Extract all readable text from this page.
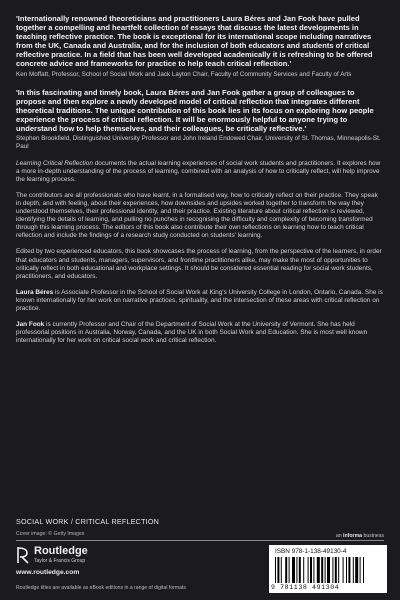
'Internationally renowned theoreticians and practitioners Laura Béres and Jan Fook have pulled together a compelling and heartfelt collection of essays that discuss the latest developments in teaching reflective practice. The book is exceptional for its international scope including narratives from the UK, Canada and Australia, and for the inclusion of both educators and students of critical reflective practice. In a field that has been well developed academically it is refreshing to be offered concrete advice and frameworks for practice to help teach critical reflection.'

Ken Moffatt, Professor, School of Social Work and Jack Layton Chair, Faculty of Community Services and Faculty of Arts

'In this fascinating and timely book, Laura Béres and Jan Fook gather a group of colleagues to propose and then explore a newly developed model of critical reflection that integrates different theoretical traditions. The unique contribution of this book lies in its focus on exploring how people experience the process of critical reflection. It will be enormously helpful to anyone trying to understand how to help themselves, and their colleagues, be critically reflective.'

Stephen Brookfield, Distinguished University Professor and John Ireland Endowed Chair, University of St. Thomas, Minneapolis-St. Paul

Learning Critical Reflection documents the actual learning experiences of social work students and practitioners. It explores how a more in-depth understanding of the process of learning, combined with an analysis of how to critically reflect, will help improve the learning process.

The contributors are all professionals who have learnt, in a formalised way, how to critically reflect on their practice. They speak in depth, and with feeling, about their experiences, how downsides and upsides worked together to transform the way they understood themselves, their professional identity, and their practice. Existing literature about critical reflection is reviewed, identifying the details of learning, and pulling no punches in recognising the difficulty and complexity of becoming transformed through this learning process. The editors of this book also contribute their own reflections on learning how to teach critical reflection and include the findings of a research study conducted on students' learning.

Edited by two experienced educators, this book showcases the process of learning, from the perspective of the learners, in order that educators and students, managers, supervisors, and frontline practitioners alike, may make the most of opportunities to critically reflect in both educational and workplace settings. It should be considered essential reading for social work students, practitioners, and educators.

Laura Béres is Associate Professor in the School of Social Work at King's University College in London, Ontario, Canada. She is known internationally for her work on narrative practices, spirituality, and the intersection of these areas with critical reflection on practice.

Jan Fook is currently Professor and Chair of the Department of Social Work at the University of Vermont. She has held professorial positions in Australia, Norway, Canada, and the UK in both Social Work and Education. She is most well known internationally for her work on critical social work and critical reflection.

SOCIAL WORK / CRITICAL REFLECTION
Cover image: © Getty Images	an informa business
Routledge
Taylor & Francis Group
www.routledge.com
Routledge titles are available as eBook editions in a range of digital formats
ISBN 978-1-138-49130-4
9 781138 491304
